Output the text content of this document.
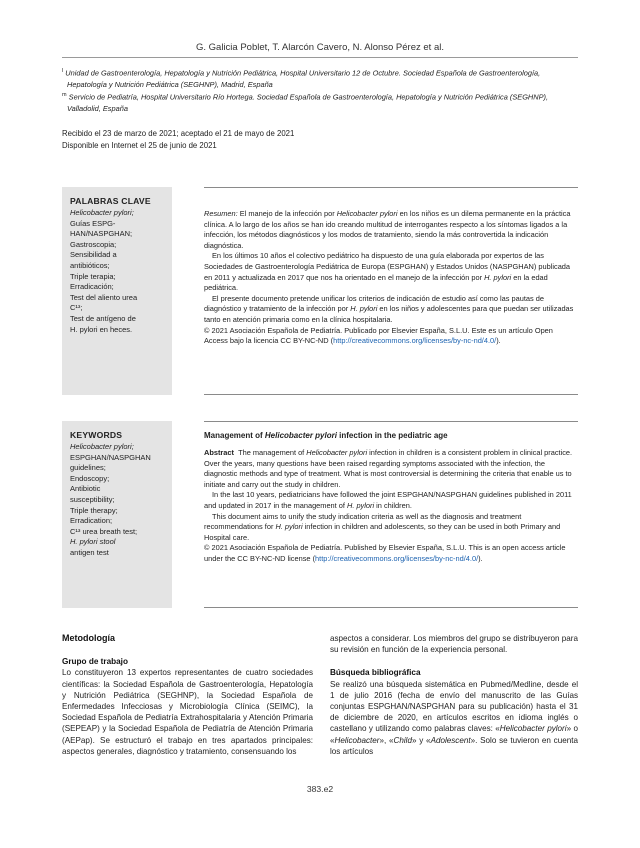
G. Galicia Poblet, T. Alarcón Cavero, N. Alonso Pérez et al.

$^l$ Unidad de Gastroenterología, Hepatología y Nutrición Pediátrica, Hospital Universitario 12 de Octubre. Sociedad Española de Gastroenterología, Hepatología y Nutrición Pediátrica (SEGHNP), Madrid, España

$^m$ Servicio de Pediatría, Hospital Universitario Río Hortega. Sociedad Española de Gastroenterología, Hepatología y Nutrición Pediátrica (SEGHNP), Valladolid, España

Recibido el 23 de marzo de 2021; aceptado el 21 de mayo de 2021

Disponible en Internet el 25 de junio de 2021

PALABRAS CLAVE
Helicobacter pylori;
Guías ESPG-
HAN/NASPGHAN;
Gastroscopia;
Sensibilidad a
antibióticos;
Triple terapia;
Erradicación;
Test del aliento urea
C¹³;
Test de antígeno de
H. pylori en heces.

Resumen: El manejo de la infección por Helicobacter pylori en los niños es un dilema permanente en la práctica clínica. A lo largo de los años se han ido creando multitud de interrogantes respecto a los síntomas ligados a la infección, los métodos diagnósticos y los modos de tratamiento, siendo la más controvertida la indicación diagnóstica.

En los últimos 10 años el colectivo pediátrico ha dispuesto de una guía elaborada por expertos de las Sociedades de Gastroenterología Pediátrica de Europa (ESPGHAN) y Estados Unidos (NASPGHAN) publicada en 2011 y actualizada en 2017 que nos ha orientado en el manejo de la infección por H. pylori en la edad pediátrica.

El presente documento pretende unificar los criterios de indicación de estudio así como las pautas de diagnóstico y tratamiento de la infección por H. pylori en los niños y adolescentes para que puedan ser utilizadas tanto en atención primaria como en la clínica hospitalaria.

© 2021 Asociación Española de Pediatría. Publicado por Elsevier España, S.L.U. Este es un artículo Open Access bajo la licencia CC BY-NC-ND (http://creativecommons.org/licenses/by-nc-nd/4.0/).

KEYWORDS
Helicobacter pylori;
ESPGHAN/NASPGHAN
guidelines;
Endoscopy;
Antibiotic
susceptibility;
Triple therapy;
Erradication;
C¹³ urea breath test;
H. pylori stool
antigen test
Management of Helicobacter pylori infection in the pediatric age

Abstract The management of Helicobacter pylori infection in children is a consistent problem in clinical practice. Over the years, many questions have been raised regarding symptoms associated with the infection, the diagnostic methods and type of treatment. What is most controversial is determining the criteria that enable us to initiate and carry out the study in children.

In the last 10 years, pediatricians have followed the joint ESPGHAN/NASPGHAN guidelines published in 2011 and updated in 2017 in the management of H. pylori in children.

This document aims to unify the study indication criteria as well as the diagnosis and treatment recommendations for H. pylori infection in children and adolescents, so they can be used in both Primary and Hospital care.

© 2021 Asociación Española de Pediatría. Published by Elsevier España, S.L.U. This is an open access article under the CC BY-NC-ND license (http://creativecommons.org/licenses/by-nc-nd/4.0/).

Metodología
Grupo de trabajo
Lo constituyeron 13 expertos representantes de cuatro sociedades científicas: la Sociedad Española de Gastroenterología, Hepatología y Nutrición Pediátrica (SEGHNP), la Sociedad Española de Enfermedades Infecciosas y Microbiología Clínica (SEIMC), la Sociedad Española de Pediatría Extrahospitalaria y Atención Primaria (SEPEAP) y la Sociedad Española de Pediatría de Atención Primaria (AEPap). Se estructuró el trabajo en tres apartados principales: aspectos generales, diagnóstico y tratamiento, consensuando los
aspectos a considerar. Los miembros del grupo se distribuyeron para su revisión en función de la experiencia personal.
Búsqueda bibliográfica
Se realizó una búsqueda sistemática en Pubmed/Medline, desde el 1 de julio 2016 (fecha de envío del manuscrito de las Guías conjuntas ESPGHAN/NASPGHAN para su publicación) hasta el 31 de diciembre de 2020, en artículos escritos en idioma inglés o castellano y utilizando como palabras claves: «Helicobacter pylori» o «Helicobacter», «Child» y «Adolescent». Solo se tuvieron en cuenta los artículos
383.e2
